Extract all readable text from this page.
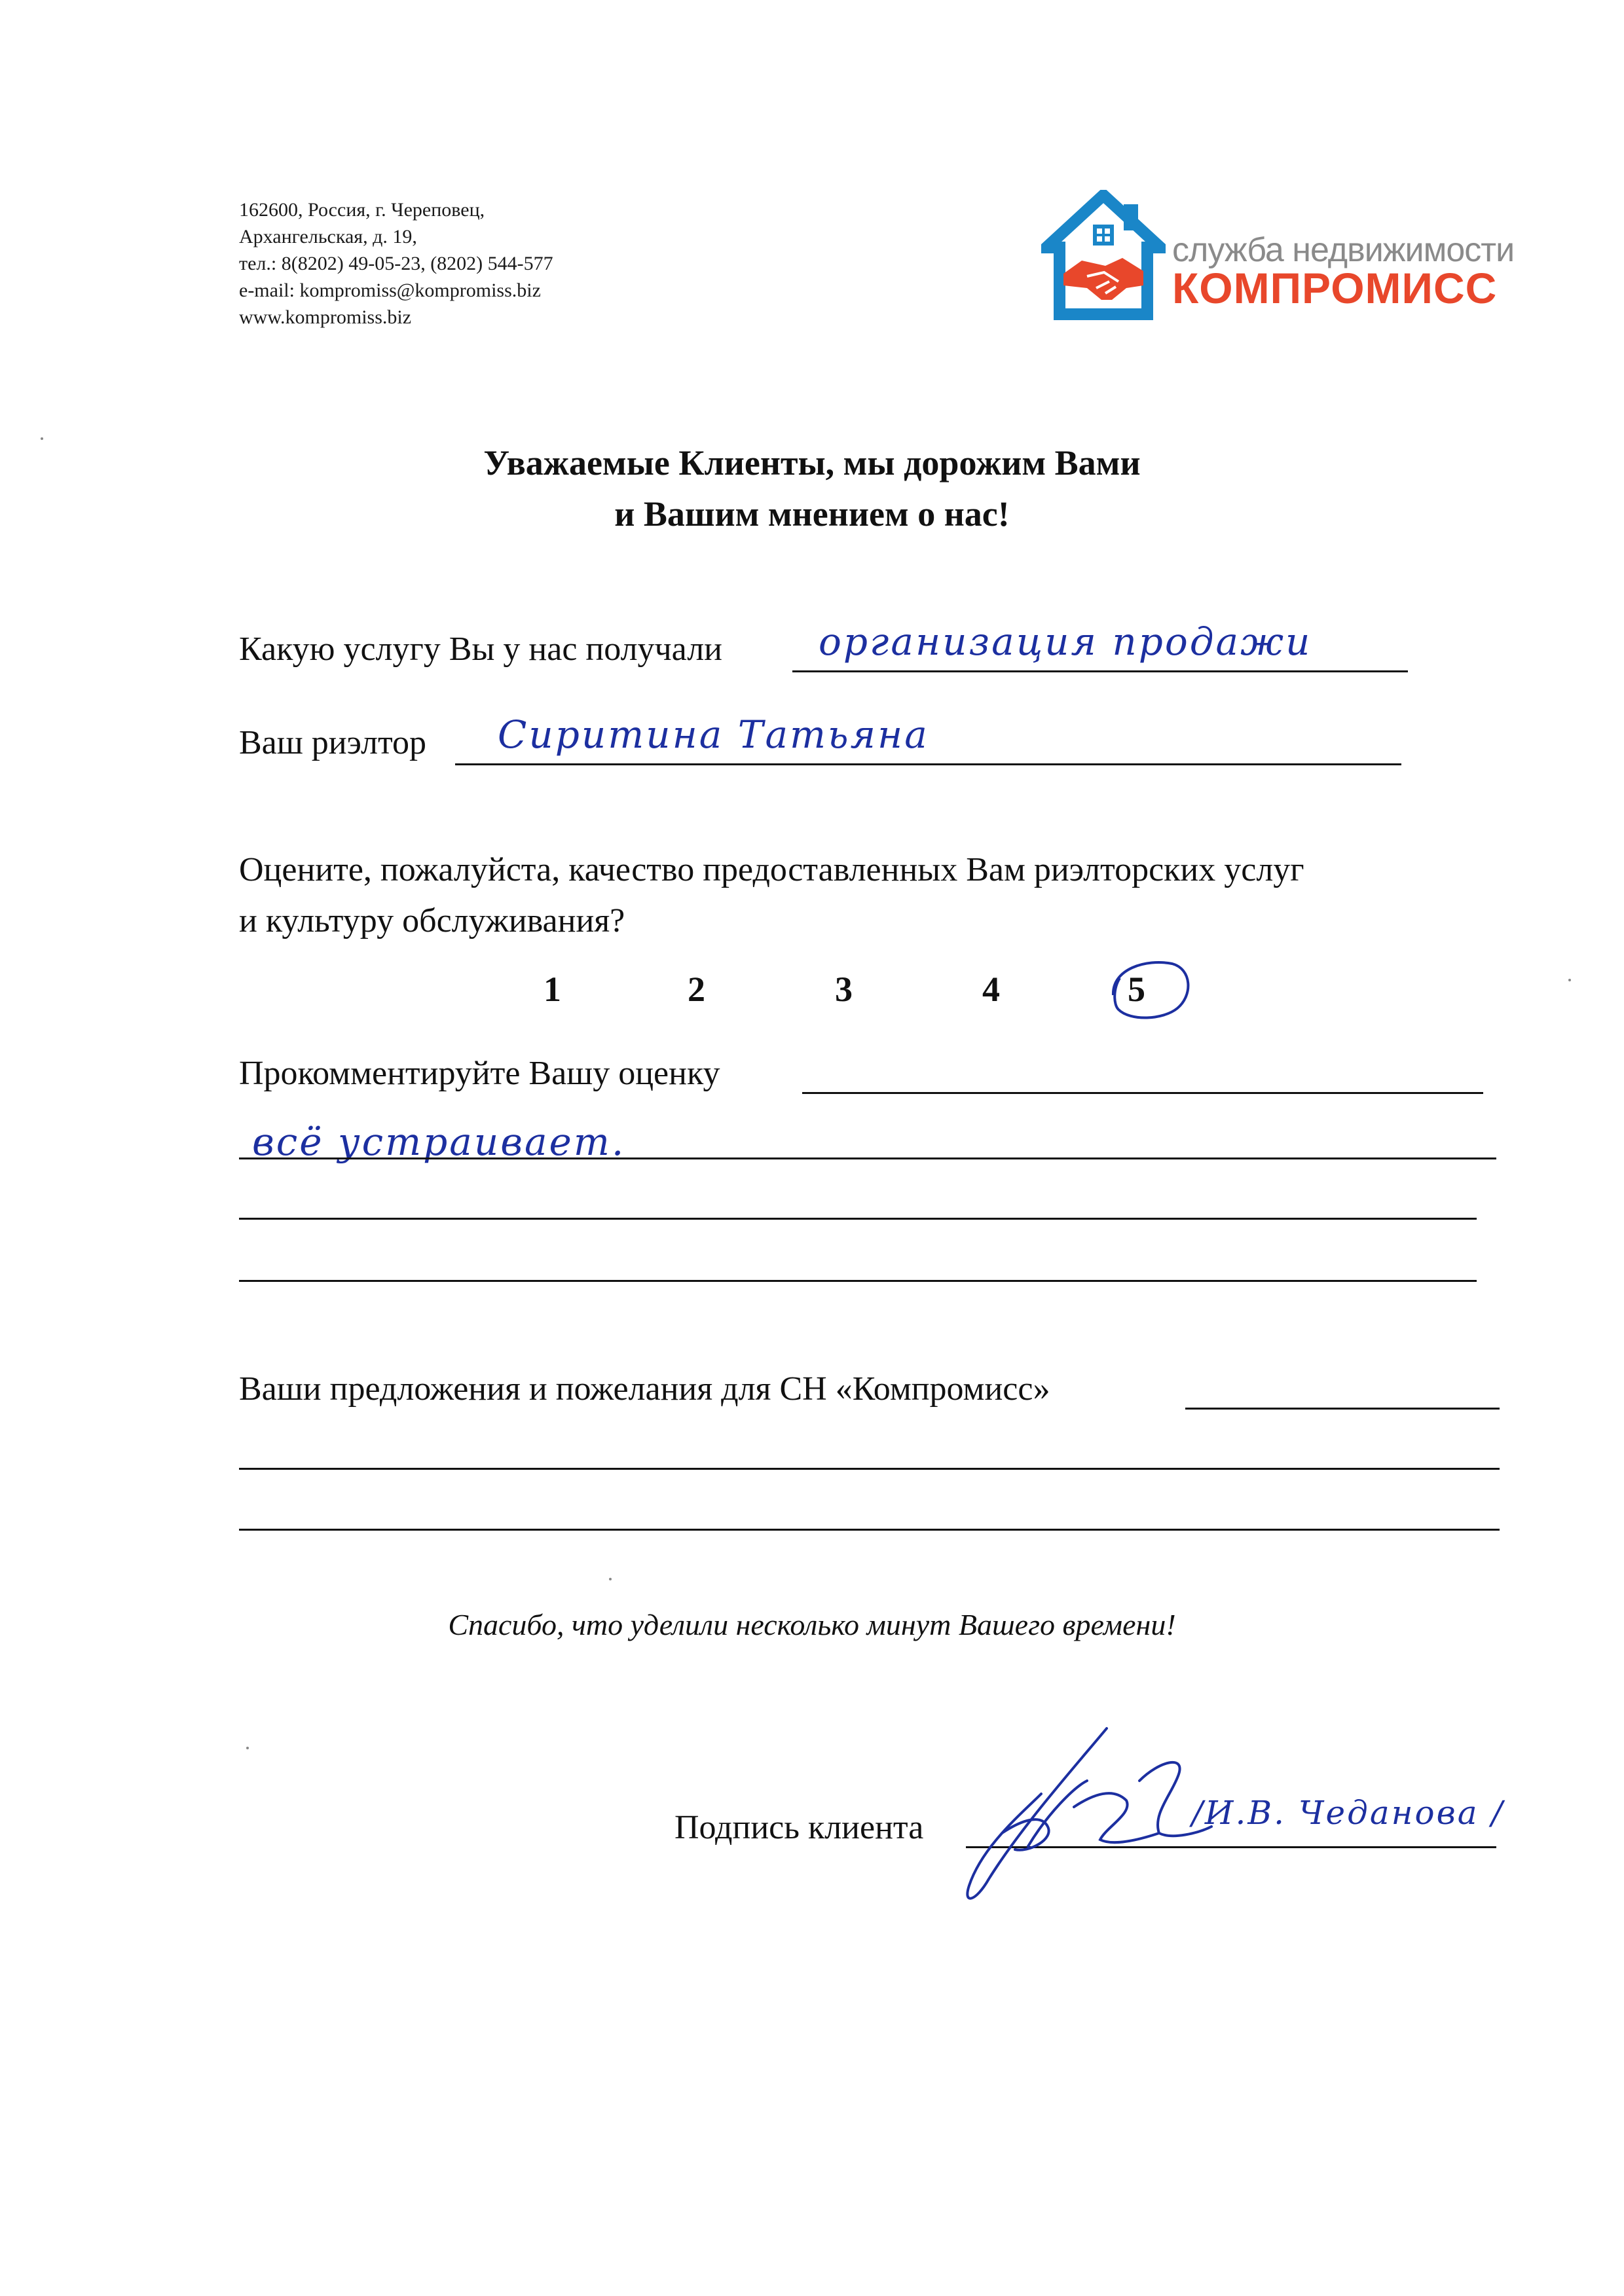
162600, Россия, г. Череповец,
Архангельская, д. 19,
тел.: 8(8202) 49-05-23, (8202) 544-577
e-mail: kompromiss@kompromiss.biz
www.kompromiss.biz
служба недвижимости
КОМПРОМИСС
Уважаемые Клиенты, мы дорожим Вами
и Вашим мнением о нас!
Какую услугу Вы у нас получали	организация продажи
Ваш риэлтор Сиритина Татьяна
Оцените, пожалуйста, качество предоставленных Вам риэлторских услуг
и культуру обслуживания?
1	2	3	4	5
Прокомментируйте Вашу оценку
всё устраивает.
Ваши предложения и пожелания для СН «Компромисс»
Спасибо, что уделили несколько минут Вашего времени!
Подпись клиента	/И.В. Чеданова /
